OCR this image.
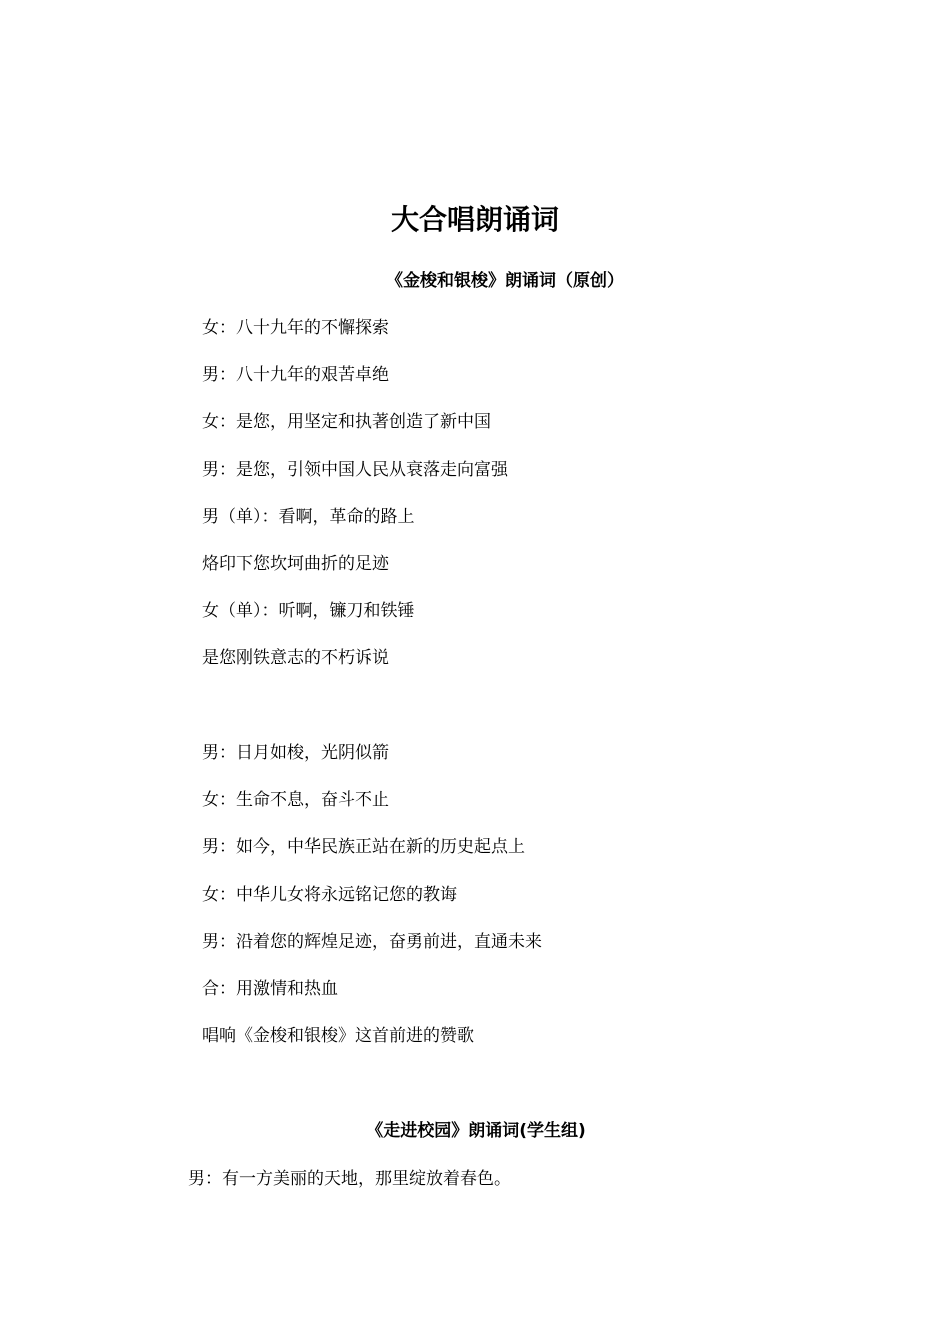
大合唱朗诵词
《金梭和银梭》朗诵词（原创）
女：八十九年的不懈探索
男：八十九年的艰苦卓绝
女：是您，用坚定和执著创造了新中国
男：是您，引领中国人民从衰落走向富强
男（单）：看啊，革命的路上
烙印下您坎坷曲折的足迹
女（单）：听啊，镰刀和铁锤
是您刚铁意志的不朽诉说
男：日月如梭，光阴似箭
女：生命不息，奋斗不止
男：如今，中华民族正站在新的历史起点上
女：中华儿女将永远铭记您的教诲
男：沿着您的辉煌足迹，奋勇前进，直通未来
合：用激情和热血
唱响《金梭和银梭》这首前进的赞歌
《走进校园》朗诵词(学生组)

男：有一方美丽的天地，那里绽放着春色。
